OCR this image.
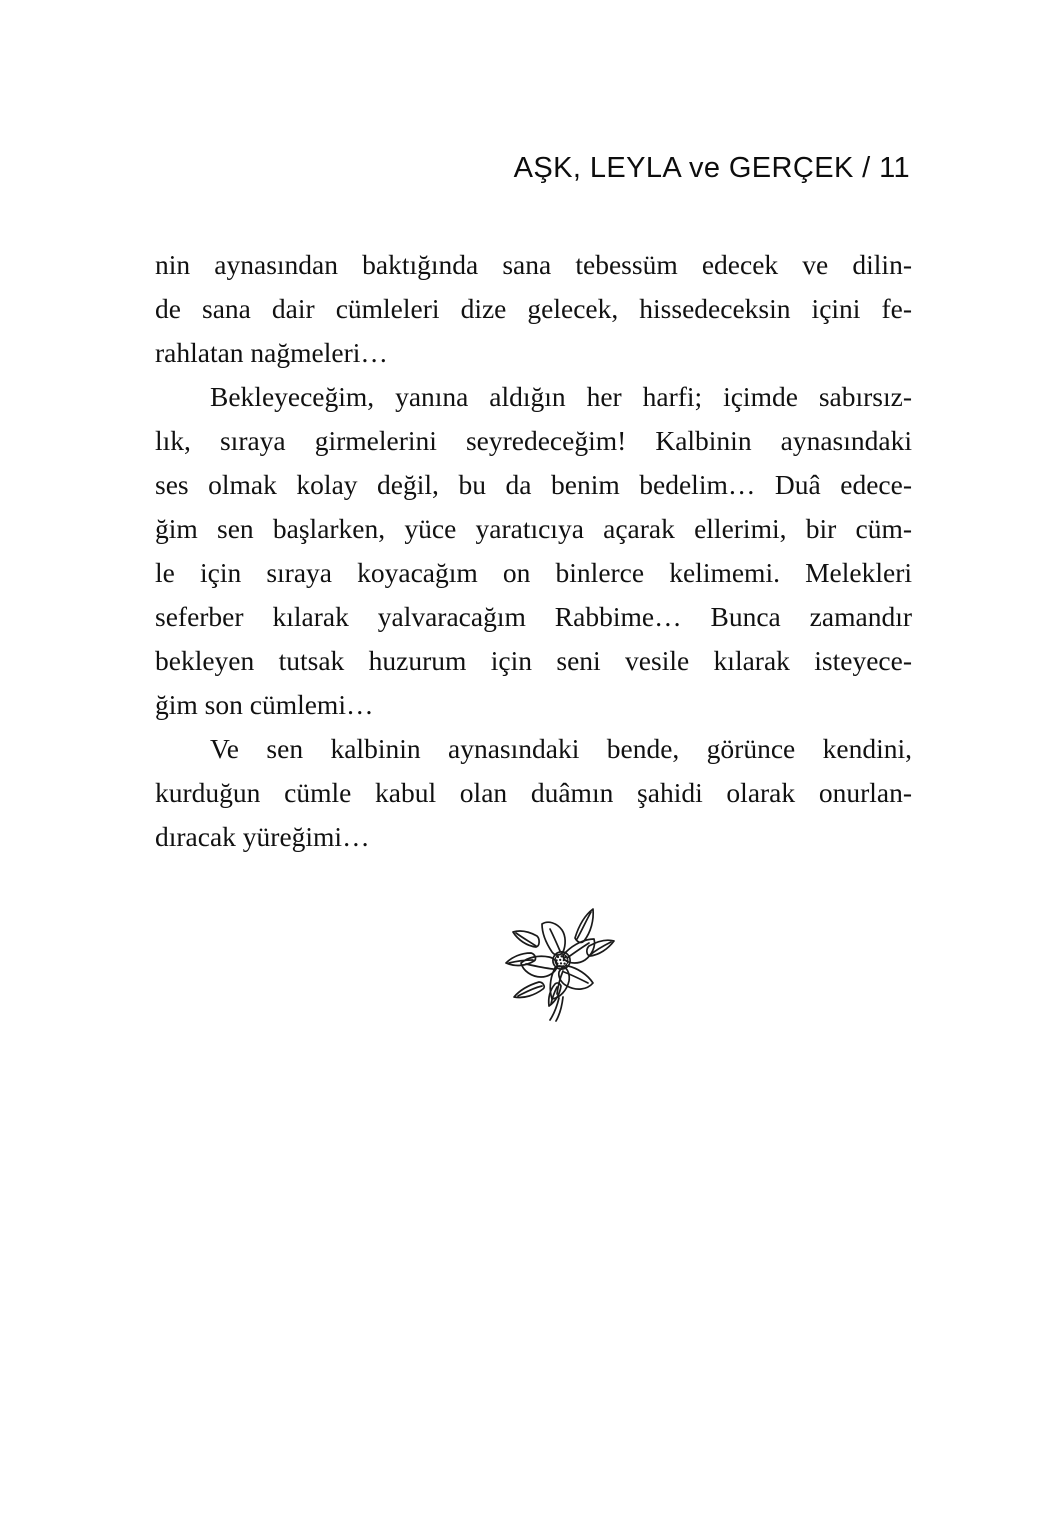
AŞK, LEYLA ve GERÇEK / 11

nin aynasından baktığında sana tebessüm edecek ve dilin-
de sana dair cümleleri dize gelecek, hissedeceksin içini fe-
rahlatan nağmeleri…

Bekleyeceğim, yanına aldığın her harfi; içimde sabırsız-
lık, sıraya girmelerini seyredeceğim! Kalbinin aynasındaki
ses olmak kolay değil, bu da benim bedelim… Duâ edece-
ğim sen başlarken, yüce yaratıcıya açarak ellerimi, bir cüm-
le için sıraya koyacağım on binlerce kelimemi. Melekleri
seferber kılarak yalvaracağım Rabbime… Bunca zamandır
bekleyen tutsak huzurum için seni vesile kılarak isteyece-
ğim son cümlemi…

Ve sen kalbinin aynasındaki bende, görünce kendini,
kurduğun cümle kabul olan duâmın şahidi olarak onurlan-
dıracak yüreğimi…
